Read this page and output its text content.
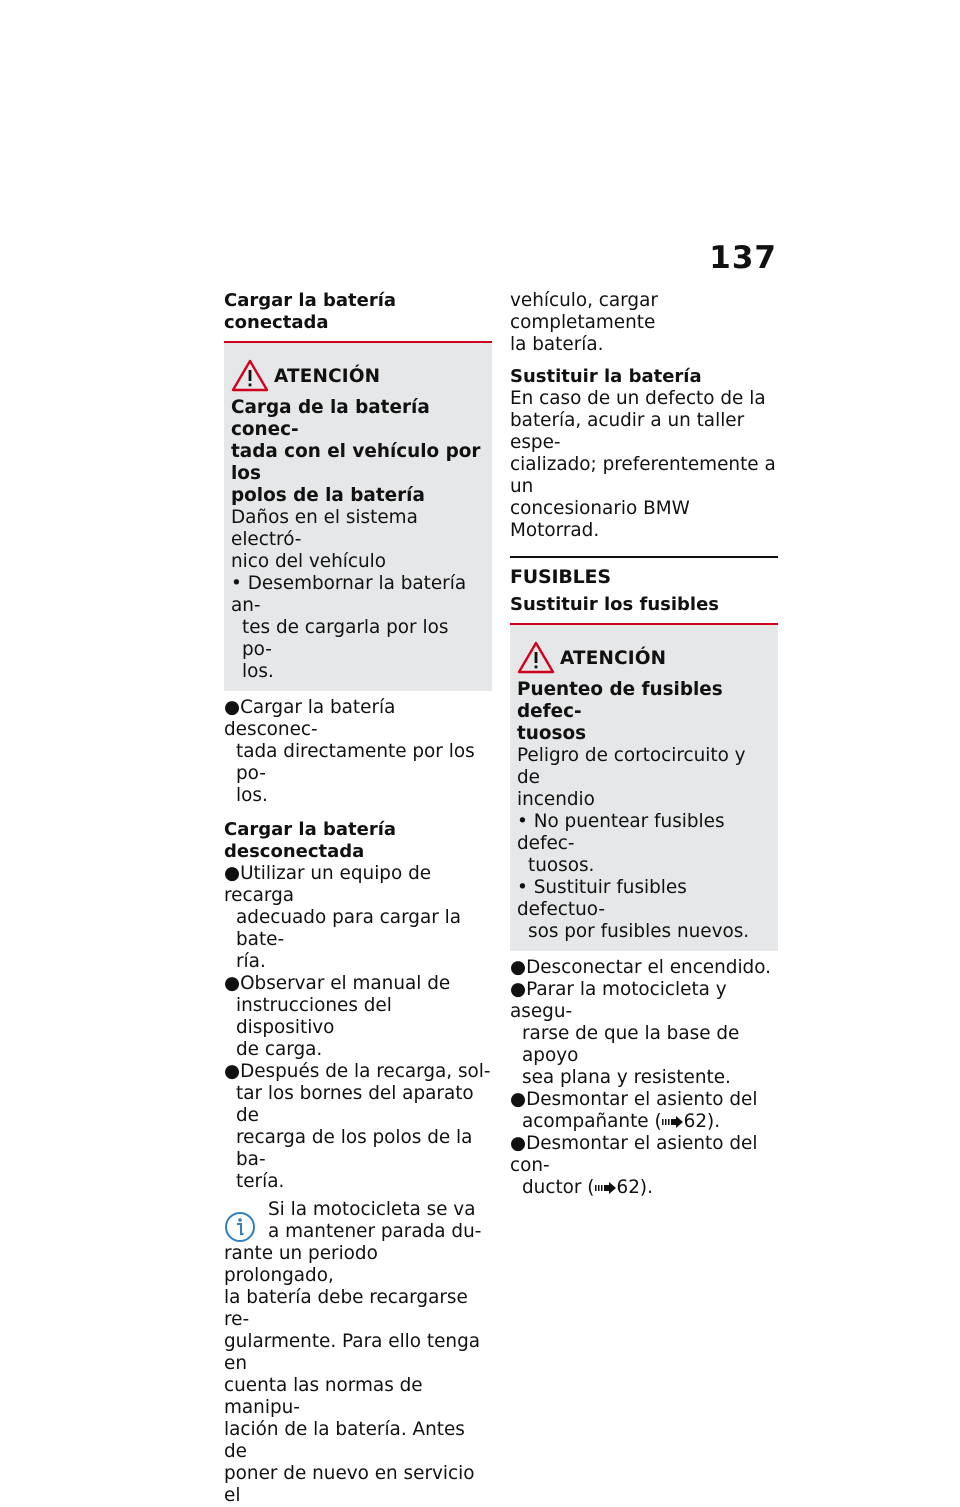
137
Cargar la batería conectada
ATENCIÓN
Carga de la batería conec-
tada con el vehículo por los
polos de la batería
Daños en el sistema electró-
nico del vehículo
• Desembornar la batería an-
tes de cargarla por los po-
los.
●Cargar la batería desconec-
tada directamente por los po-
los.
Cargar la batería
desconectada
●Utilizar un equipo de recarga
adecuado para cargar la bate-
ría.
●Observar el manual de
instrucciones del dispositivo
de carga.
●Después de la recarga, sol-
tar los bornes del aparato de
recarga de los polos de la ba-
tería.
Si la motocicleta se va
a mantener parada du-
rante un periodo prolongado,
la batería debe recargarse re-
gularmente. Para ello tenga en
cuenta las normas de manipu-
lación de la batería. Antes de
poner de nuevo en servicio el
vehículo, cargar completamente
la batería.
Sustituir la batería
En caso de un defecto de la
batería, acudir a un taller espe-
cializado; preferentemente a un
concesionario BMW Motorrad.
FUSIBLES
Sustituir los fusibles
ATENCIÓN
Puenteo de fusibles defec-
tuosos
Peligro de cortocircuito y de
incendio
• No puentear fusibles defec-
tuosos.
• Sustituir fusibles defectuo-
sos por fusibles nuevos.
●Desconectar el encendido.
●Parar la motocicleta y asegu-
rarse de que la base de apoyo
sea plana y resistente.
●Desmontar el asiento del
acompañante ( 62).
●Desmontar el asiento del con-
ductor ( 62).
